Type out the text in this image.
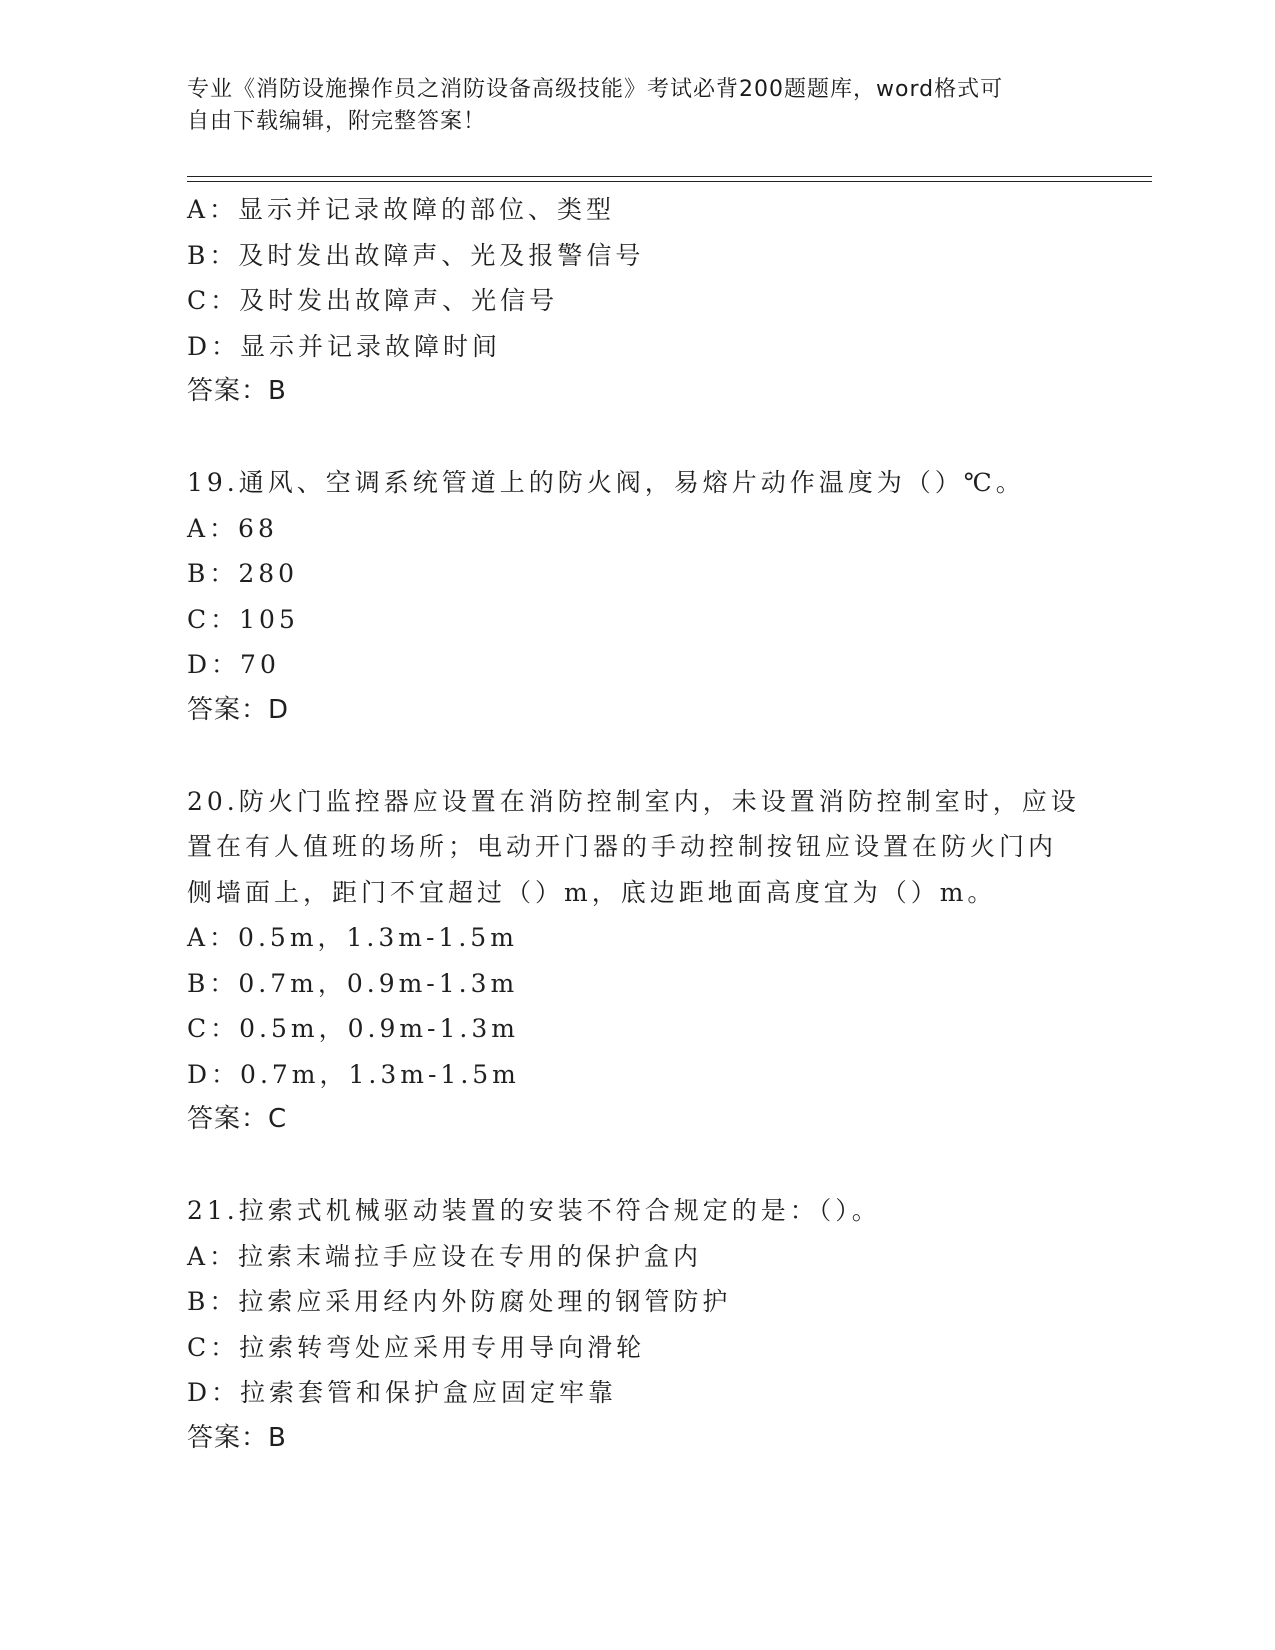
专业《消防设施操作员之消防设备高级技能》考试必背200题题库，word格式可
自由下载编辑，附完整答案！
A：显示并记录故障的部位、类型
B：及时发出故障声、光及报警信号
C：及时发出故障声、光信号
D：显示并记录故障时间
答案：B
19.通风、空调系统管道上的防火阀，易熔片动作温度为（）℃。
A：68
B：280
C：105
D：70
答案：D
20.防火门监控器应设置在消防控制室内，未设置消防控制室时，应设
置在有人值班的场所；电动开门器的手动控制按钮应设置在防火门内
侧墙面上，距门不宜超过（）m，底边距地面高度宜为（）m。
A：0.5m，1.3m-1.5m
B：0.7m，0.9m-1.3m
C：0.5m，0.9m-1.3m
D：0.7m，1.3m-1.5m
答案：C
21.拉索式机械驱动装置的安装不符合规定的是：（）。
A：拉索末端拉手应设在专用的保护盒内
B：拉索应采用经内外防腐处理的钢管防护
C：拉索转弯处应采用专用导向滑轮
D：拉索套管和保护盒应固定牢靠
答案：B
